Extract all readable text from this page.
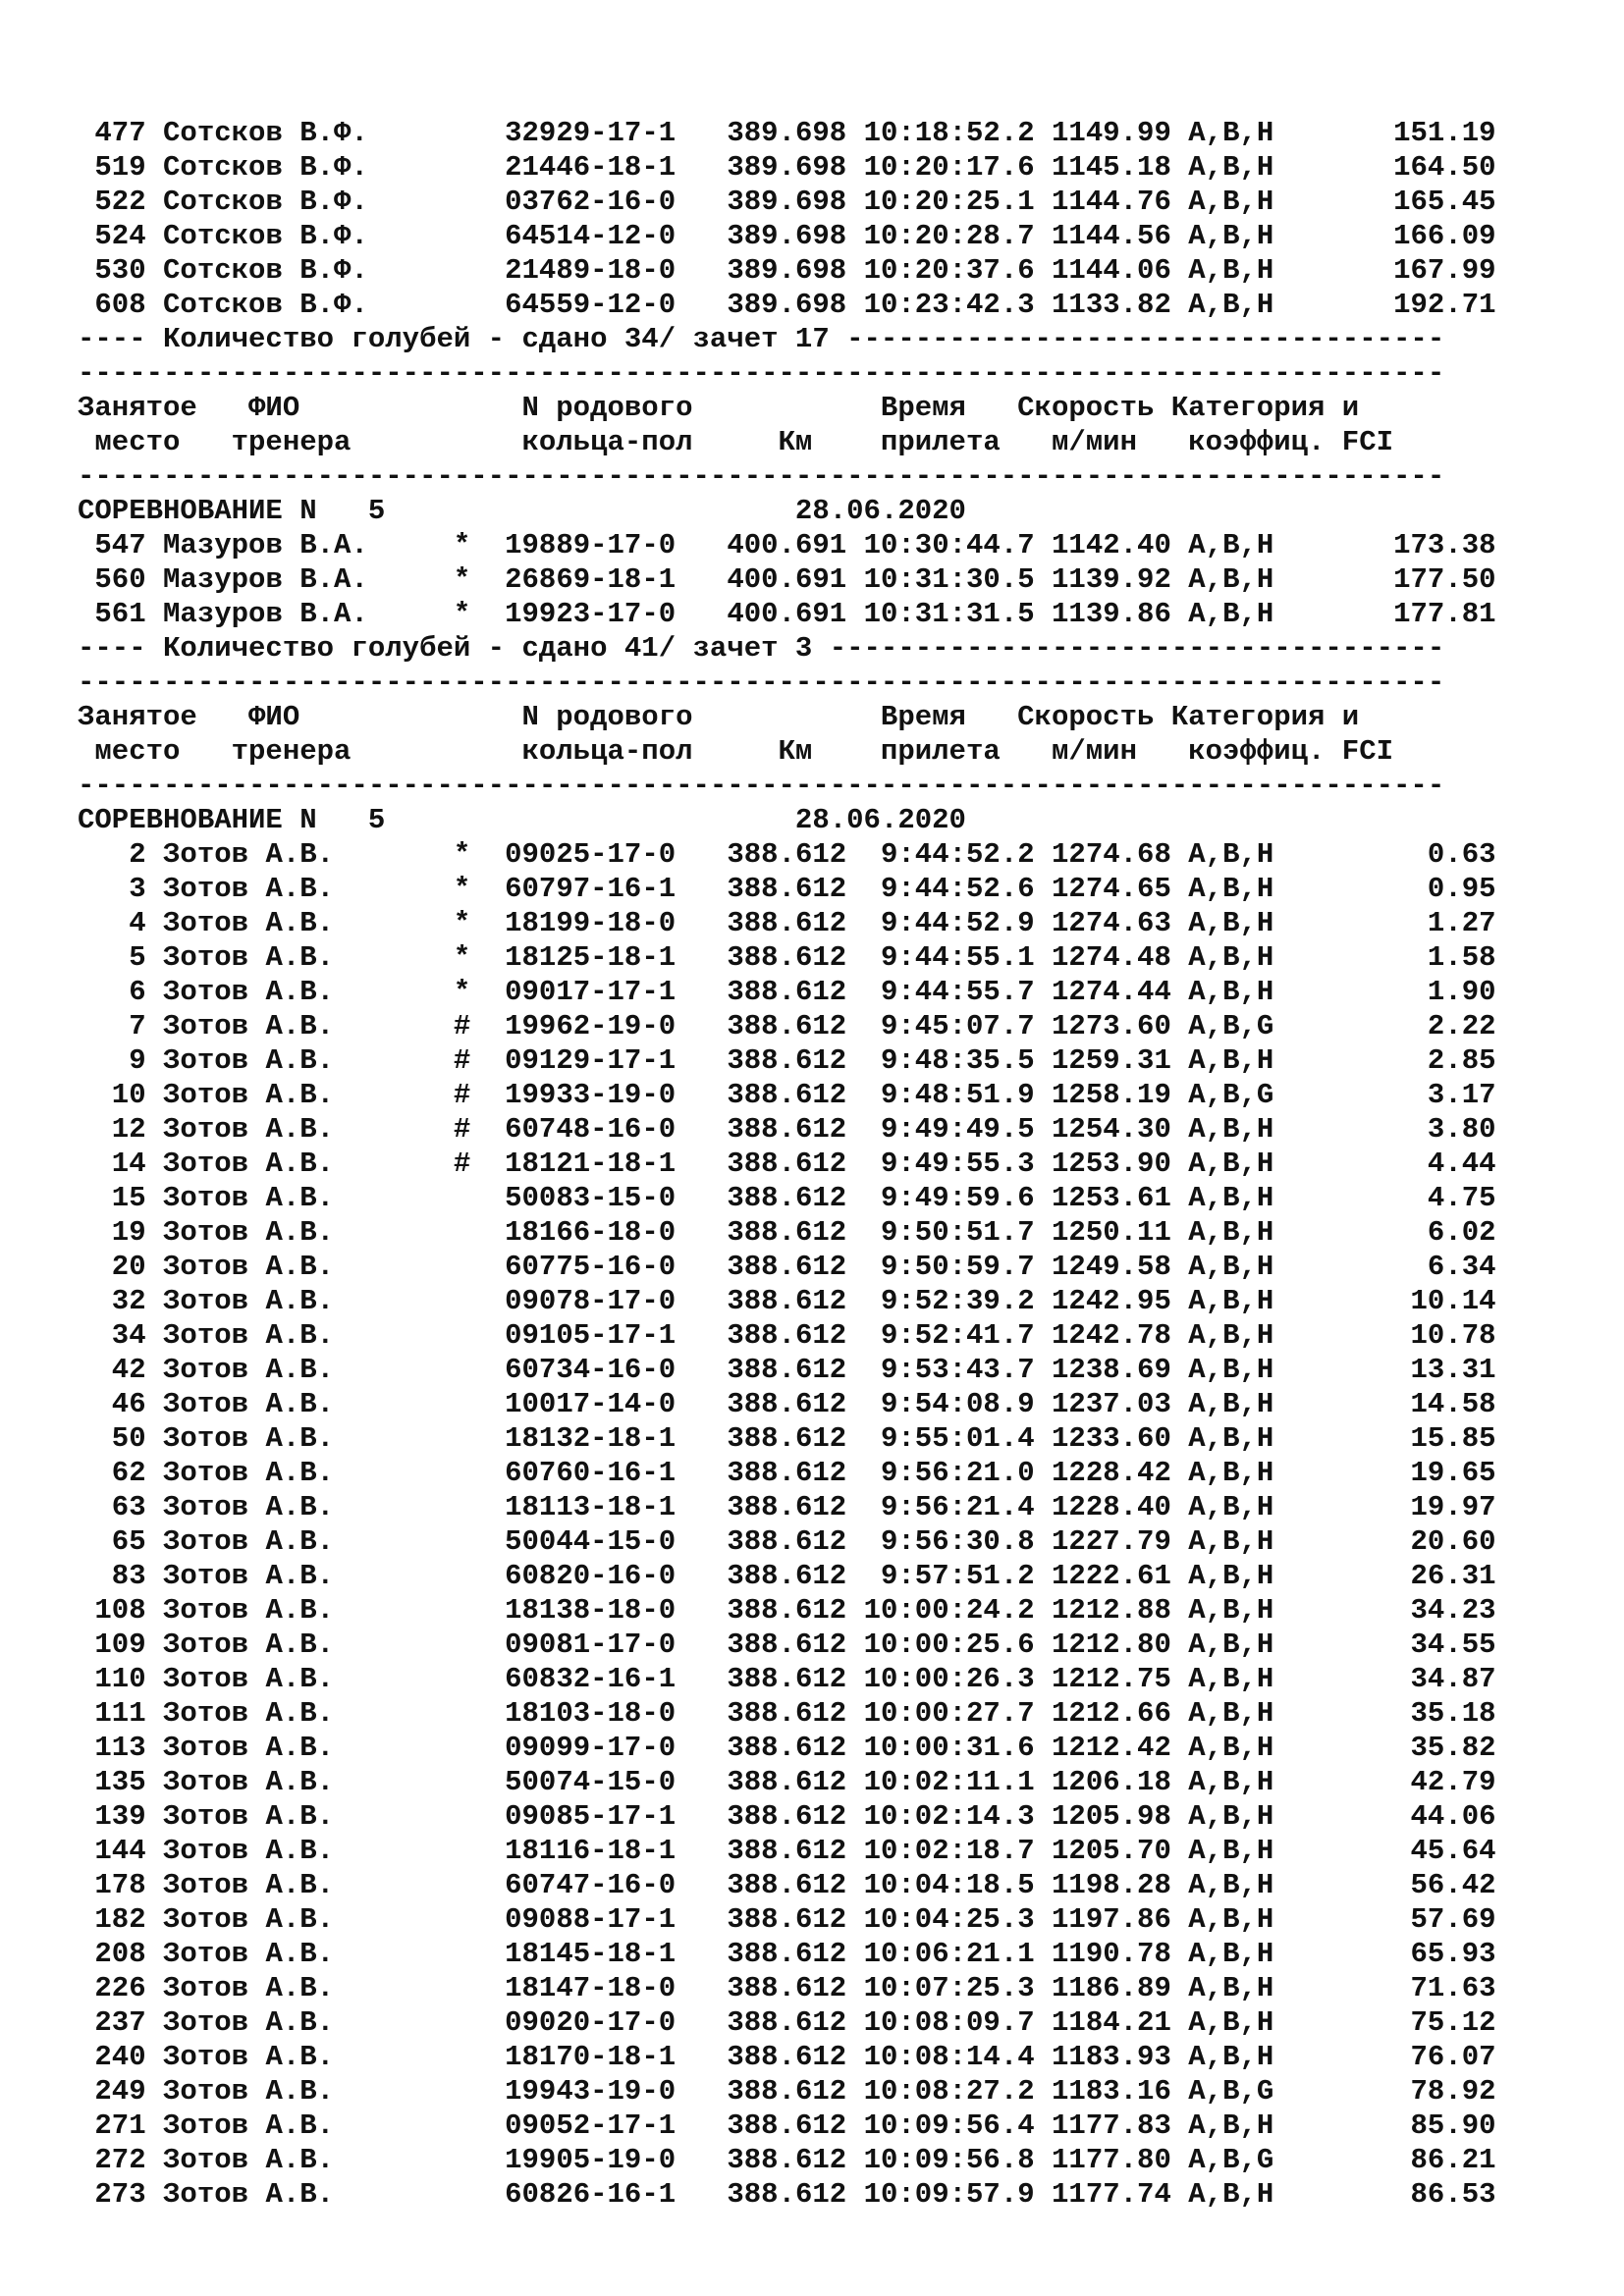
477 Сотсков В.Ф.        32929-17-1   389.698 10:18:52.2 1149.99 А,В,Н       151.19
519 Сотсков В.Ф.        21446-18-1   389.698 10:20:17.6 1145.18 А,В,Н       164.50
522 Сотсков В.Ф.        03762-16-0   389.698 10:20:25.1 1144.76 А,В,Н       165.45
524 Сотсков В.Ф.        64514-12-0   389.698 10:20:28.7 1144.56 А,В,Н       166.09
530 Сотсков В.Ф.        21489-18-0   389.698 10:20:37.6 1144.06 А,В,Н       167.99
608 Сотсков В.Ф.        64559-12-0   389.698 10:23:42.3 1133.82 А,В,Н       192.71
---- Количество голубей - сдано 34/ зачет 17 -----------------------------------
--------------------------------------------------------------------------------
Занятое   ФИО             N родового           Время   Скорость Категория и
место   тренера          кольца-пол     Км    прилета   м/мин   коэффиц. FCI
--------------------------------------------------------------------------------
СОРЕВНОВАНИЕ N   5                        28.06.2020
547 Мазуров В.А.     * 19889-17-0   400.691 10:30:44.7 1142.40 А,В,Н       173.38
560 Мазуров В.А.     * 26869-18-1   400.691 10:31:30.5 1139.92 А,В,Н       177.50
561 Мазуров В.А.     * 19923-17-0   400.691 10:31:31.5 1139.86 А,В,Н       177.81
---- Количество голубей - сдано 41/ зачет 3 ------------------------------------
--------------------------------------------------------------------------------
Занятое   ФИО             N родового           Время   Скорость Категория и
место   тренера          кольца-пол     Км    прилета   м/мин   коэффиц. FCI
--------------------------------------------------------------------------------
СОРЕВНОВАНИЕ N   5                        28.06.2020
2 Зотов А.В.       * 09025-17-0   388.612  9:44:52.2 1274.68 А,В,Н         0.63
3 Зотов А.В.       * 60797-16-1   388.612  9:44:52.6 1274.65 А,В,Н         0.95
4 Зотов А.В.       * 18199-18-0   388.612  9:44:52.9 1274.63 А,В,Н         1.27
5 Зотов А.В.       * 18125-18-1   388.612  9:44:55.1 1274.48 А,В,Н         1.58
6 Зотов А.В.       * 09017-17-1   388.612  9:44:55.7 1274.44 А,В,Н         1.90
7 Зотов А.В.       # 19962-19-0   388.612  9:45:07.7 1273.60 А,В,G         2.22
9 Зотов А.В.       # 09129-17-1   388.612  9:48:35.5 1259.31 А,В,Н         2.85
10 Зотов А.В.       # 19933-19-0   388.612  9:48:51.9 1258.19 А,В,G         3.17
12 Зотов А.В.       # 60748-16-0   388.612  9:49:49.5 1254.30 А,В,Н         3.80
14 Зотов А.В.       # 18121-18-1   388.612  9:49:55.3 1253.90 А,В,Н         4.44
15 Зотов А.В.          50083-15-0   388.612  9:49:59.6 1253.61 А,В,Н         4.75
19 Зотов А.В.          18166-18-0   388.612  9:50:51.7 1250.11 А,В,Н         6.02
20 Зотов А.В.          60775-16-0   388.612  9:50:59.7 1249.58 А,В,Н         6.34
32 Зотов А.В.          09078-17-0   388.612  9:52:39.2 1242.95 А,В,Н        10.14
34 Зотов А.В.          09105-17-1   388.612  9:52:41.7 1242.78 А,В,Н        10.78
42 Зотов А.В.          60734-16-0   388.612  9:53:43.7 1238.69 А,В,Н        13.31
46 Зотов А.В.          10017-14-0   388.612  9:54:08.9 1237.03 А,В,Н        14.58
50 Зотов А.В.          18132-18-1   388.612  9:55:01.4 1233.60 А,В,Н        15.85
62 Зотов А.В.          60760-16-1   388.612  9:56:21.0 1228.42 А,В,Н        19.65
63 Зотов А.В.          18113-18-1   388.612  9:56:21.4 1228.40 А,В,Н        19.97
65 Зотов А.В.          50044-15-0   388.612  9:56:30.8 1227.79 А,В,Н        20.60
83 Зотов А.В.          60820-16-0   388.612  9:57:51.2 1222.61 А,В,Н        26.31
108 Зотов А.В.          18138-18-0   388.612 10:00:24.2 1212.88 А,В,Н        34.23
109 Зотов А.В.          09081-17-0   388.612 10:00:25.6 1212.80 А,В,Н        34.55
110 Зотов А.В.          60832-16-1   388.612 10:00:26.3 1212.75 А,В,Н        34.87
111 Зотов А.В.          18103-18-0   388.612 10:00:27.7 1212.66 А,В,Н        35.18
113 Зотов А.В.          09099-17-0   388.612 10:00:31.6 1212.42 А,В,Н        35.82
135 Зотов А.В.          50074-15-0   388.612 10:02:11.1 1206.18 А,В,Н        42.79
139 Зотов А.В.          09085-17-1   388.612 10:02:14.3 1205.98 А,В,Н        44.06
144 Зотов А.В.          18116-18-1   388.612 10:02:18.7 1205.70 А,В,Н        45.64
178 Зотов А.В.          60747-16-0   388.612 10:04:18.5 1198.28 А,В,Н        56.42
182 Зотов А.В.          09088-17-1   388.612 10:04:25.3 1197.86 А,В,Н        57.69
208 Зотов А.В.          18145-18-1   388.612 10:06:21.1 1190.78 А,В,Н        65.93
226 Зотов А.В.          18147-18-0   388.612 10:07:25.3 1186.89 А,В,Н        71.63
237 Зотов А.В.          09020-17-0   388.612 10:08:09.7 1184.21 А,В,Н        75.12
240 Зотов А.В.          18170-18-1   388.612 10:08:14.4 1183.93 А,В,Н        76.07
249 Зотов А.В.          19943-19-0   388.612 10:08:27.2 1183.16 А,В,G        78.92
271 Зотов А.В.          09052-17-1   388.612 10:09:56.4 1177.83 А,В,Н        85.90
272 Зотов А.В.          19905-19-0   388.612 10:09:56.8 1177.80 А,В,G        86.21
273 Зотов А.В.          60826-16-1   388.612 10:09:57.9 1177.74 А,В,Н        86.53
